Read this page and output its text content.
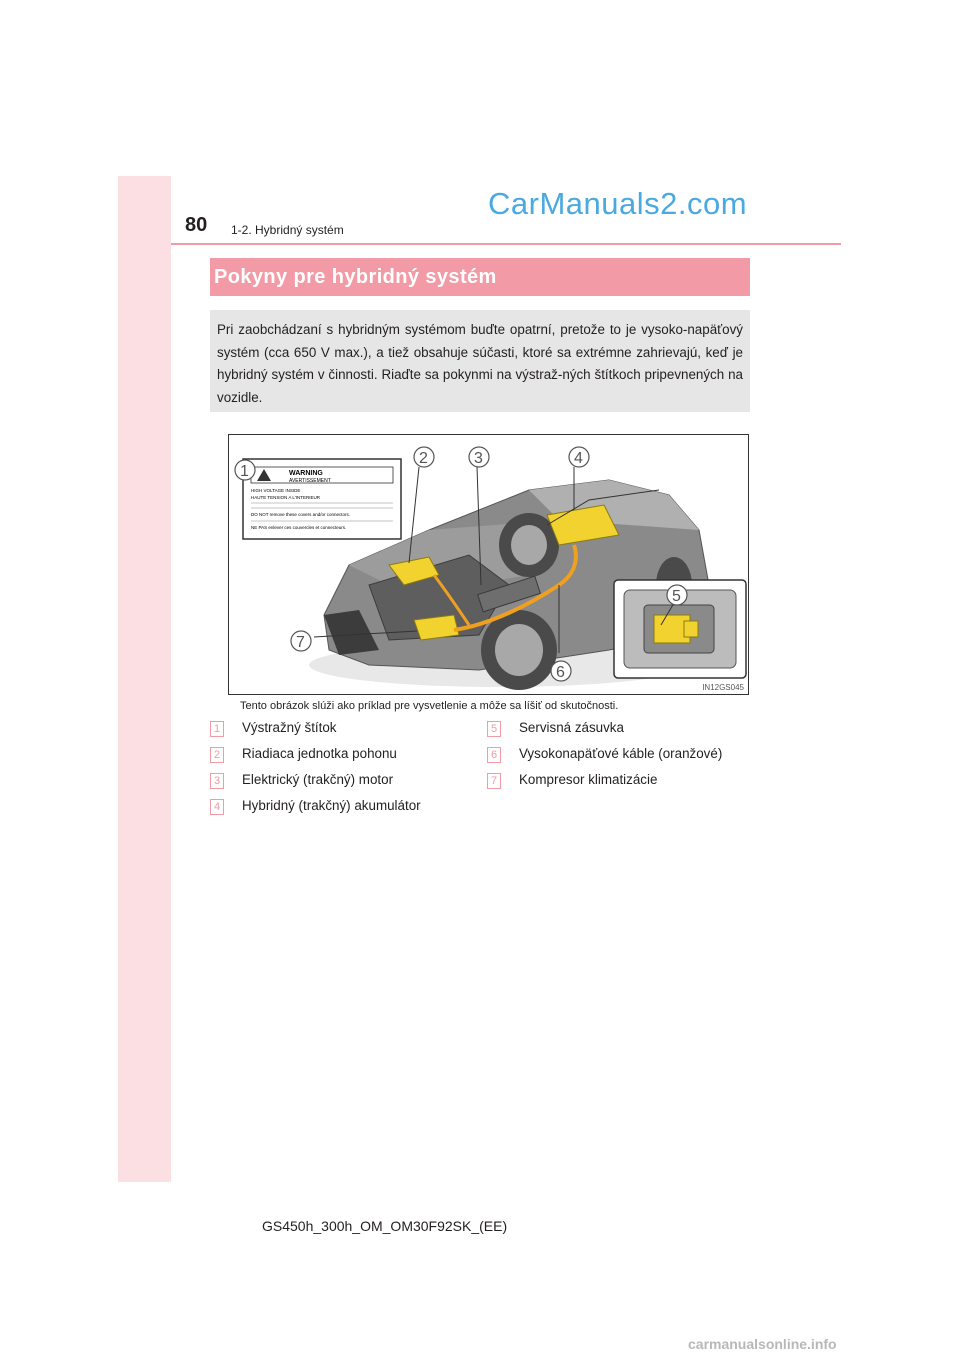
80 1-2. Hybridný systém
CarManuals2.com
Pokyny pre hybridný systém
Pri zaobchádzaní s hybridným systémom buďte opatrní, pretože to je vysoko-napäťový systém (cca 650 V max.), a tiež obsahuje súčasti, ktoré sa extrémne zahrievajú, keď je hybridný systém v činnosti. Riaďte sa pokynmi na výstraž-ných štítkoch pripevnených na vozidle.
WARNING
AVERTISSEMENT
HIGH VOLTAGE INSIDE
HAUTE TENSION A L'INTERIEUR
DO NOT remove these covers and/or connectors.
NE PAS enlever ces couvercles et connecteurs.
1
2	3	4
5
6
7
IN12GS045
Tento obrázok slúži ako príklad pre vysvetlenie a môže sa líšiť od skutočnosti.
1 Výstražný štítok
2 Riadiaca jednotka pohonu
3 Elektrický (trakčný) motor
4 Hybridný (trakčný) akumulátor
5 Servisná zásuvka
6 Vysokonapäťové káble (oranžové)
7 Kompresor klimatizácie
GS450h_300h_OM_OM30F92SK_(EE)
carmanualsonline.info
